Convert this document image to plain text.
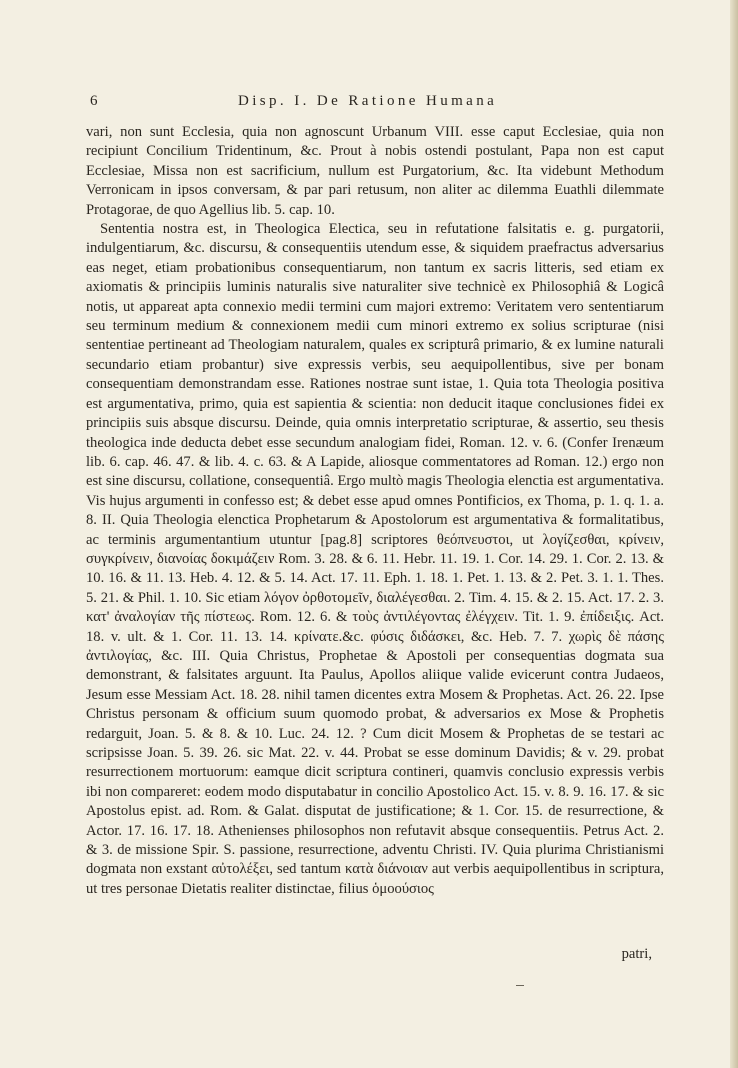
6	Disp. I. De Ratione Humana

vari, non sunt Ecclesia, quia non agnoscunt Urbanum VIII. esse caput Ecclesiae, quia non recipiunt Concilium Tridentinum, &c. Prout à nobis ostendi postulant, Papa non est caput Ecclesiae, Missa non est sacrificium, nullum est Purgatorium, &c. Ita videbunt Methodum Verronicam in ipsos conversam, & par pari retusum, non aliter ac dilemma Euathli dilemmate Protagorae, de quo Agellius lib. 5. cap. 10.

Sententia nostra est, in Theologica Electica, seu in refutatione falsitatis e. g. purgatorii, indulgentiarum, &c. discursu, & consequentiis utendum esse, & siquidem praefractus adversarius eas neget, etiam probationibus consequentiarum, non tantum ex sacris litteris, sed etiam ex axiomatis & principiis luminis naturalis sive naturaliter sive technicè ex Philosophiâ & Logicâ notis, ut appareat apta connexio medii termini cum majori extremo: Veritatem vero sententiarum seu terminum medium & connexionem medii cum minori extremo ex solius scripturae (nisi sententiae pertineant ad Theologiam naturalem, quales ex scripturâ primario, & ex lumine naturali secundario etiam probantur) sive expressis verbis, seu aequipollentibus, sive per bonam consequentiam demonstrandam esse. Rationes nostrae sunt istae, 1. Quia tota Theologia positiva est argumentativa, primo, quia est sapientia & scientia: non deducit itaque conclusiones fidei ex principiis suis absque discursu. Deinde, quia omnis interpretatio scripturae, & assertio, seu thesis theologica inde deducta debet esse secundum analogiam fidei, Roman. 12. v. 6. (Confer Irenæum lib. 6. cap. 46. 47. & lib. 4. c. 63. & A Lapide, aliosque commentatores ad Roman. 12.) ergo non est sine discursu, collatione, consequentiâ. Ergo multò magis Theologia elenctia est argumentativa. Vis hujus argumenti in confesso est; & debet esse apud omnes Pontificios, ex Thoma, p. 1. q. 1. a. 8. II. Quia Theologia elenctica Prophetarum & Apostolorum est argumentativa & formalitatibus, ac terminis argumentantium utuntur [pag.8] scriptores θεόπνευστοι, ut λογίζεσθαι, κρίνειν, συγκρίνειν, διανοίας δοκιμάζειν Rom. 3. 28. & 6. 11. Hebr. 11. 19. 1. Cor. 14. 29. 1. Cor. 2. 13. & 10. 16. & 11. 13. Heb. 4. 12. & 5. 14. Act. 17. 11. Eph. 1. 18. 1. Pet. 1. 13. & 2. Pet. 3. 1. 1. Thes. 5. 21. & Phil. 1. 10. Sic etiam λόγον ὀρθοτομεῖν, διαλέγεσθαι. 2. Tim. 4. 15. & 2. 15. Act. 17. 2. 3. κατ' ἀναλογίαν τῆς πίστεως. Rom. 12. 6. & τοὺς ἀντιλέγοντας ἐλέγχειν. Tit. 1. 9. ἐπίδειξις. Act. 18. v. ult. & 1. Cor. 11. 13. 14. κρίνατε.&c. φύσις διδάσκει, &c. Heb. 7. 7. χωρὶς δὲ πάσης ἀντιλογίας, &c. III. Quia Christus, Prophetae & Apostoli per consequentias dogmata sua demonstrant, & falsitates arguunt. Ita Paulus, Apollos aliique valide evicerunt contra Judaeos, Jesum esse Messiam Act. 18. 28. nihil tamen dicentes extra Mosem & Prophetas. Act. 26. 22. Ipse Christus personam & officium suum quomodo probat, & adversarios ex Mose & Prophetis redarguit, Joan. 5. & 8. & 10. Luc. 24. 12. ? Cum dicit Mosem & Prophetas de se testari ac scripsisse Joan. 5. 39. 26. sic Mat. 22. v. 44. Probat se esse dominum Davidis; & v. 29. probat resurrectionem mortuorum: eamque dicit scriptura contineri, quamvis conclusio expressis verbis ibi non compareret: eodem modo disputabatur in concilio Apostolico Act. 15. v. 8. 9. 16. 17. & sic Apostolus epist. ad. Rom. & Galat. disputat de justificatione; & 1. Cor. 15. de resurrectione, & Actor. 17. 16. 17. 18. Athenienses philosophos non refutavit absque consequentiis. Petrus Act. 2. & 3. de missione Spir. S. passione, resurrectione, adventu Christi. IV. Quia plurima Christianismi dogmata non exstant αὐτολέξει, sed tantum κατὰ διάνοιαν aut verbis aequipollentibus in scriptura, ut tres personae Dietatis realiter distinctae, filius ὁμοούσιος

patri,
